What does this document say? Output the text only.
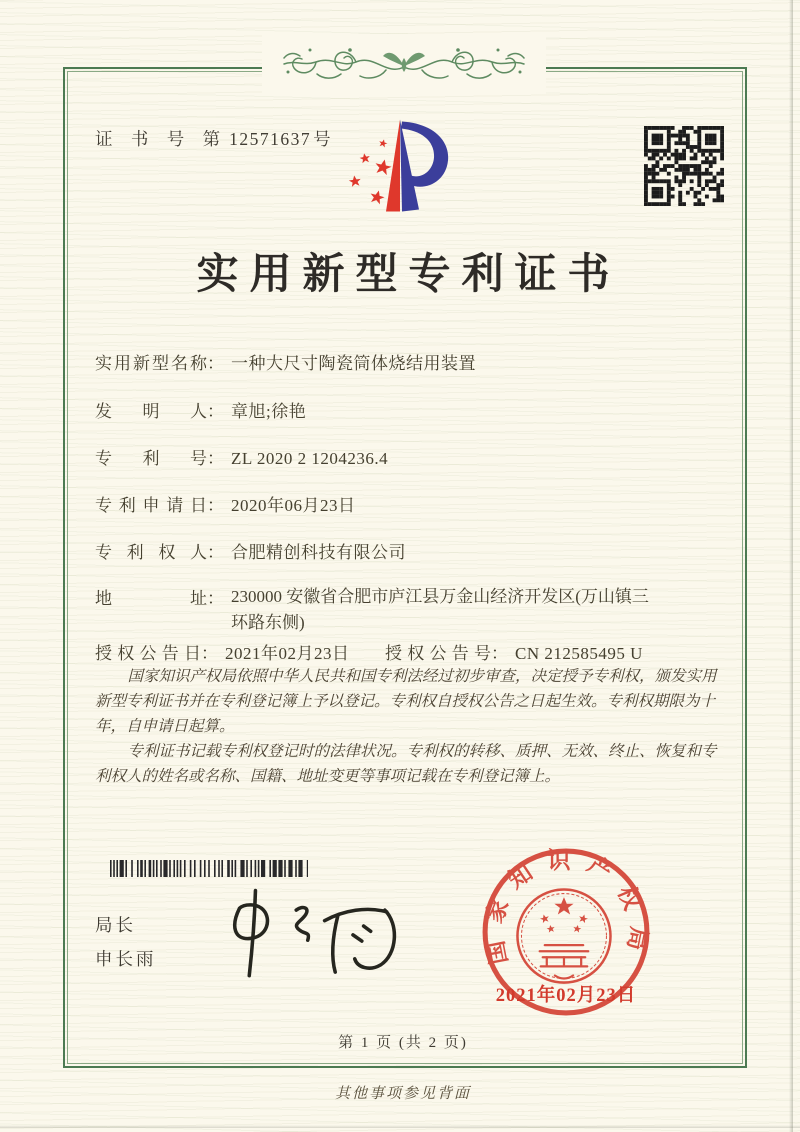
证 书 号 第 12571637 号
实用新型专利证书
实用新型名称： 一种大尺寸陶瓷筒体烧结用装置
发明人： 章旭;徐艳
专利号： ZL 2020 2 1204236.4
专利申请日： 2020年06月23日
专利权人： 合肥精创科技有限公司
地址： 230000 安徽省合肥市庐江县万金山经济开发区(万山镇三环路东侧)
授权公告日： 2021年02月23日 授权公告号： CN 212585495 U

国家知识产权局依照中华人民共和国专利法经过初步审查，决定授予专利权，颁发实用新型专利证书并在专利登记簿上予以登记。专利权自授权公告之日起生效。专利权期限为十年，自申请日起算。

专利证书记载专利权登记时的法律状况。专利权的转移、质押、无效、终止、恢复和专利权人的姓名或名称、国籍、地址变更等事项记载在专利登记簿上。

局长
申长雨	国家知识产权局
2021年02月23日
第 1 页 (共 2 页)
其他事项参见背面
